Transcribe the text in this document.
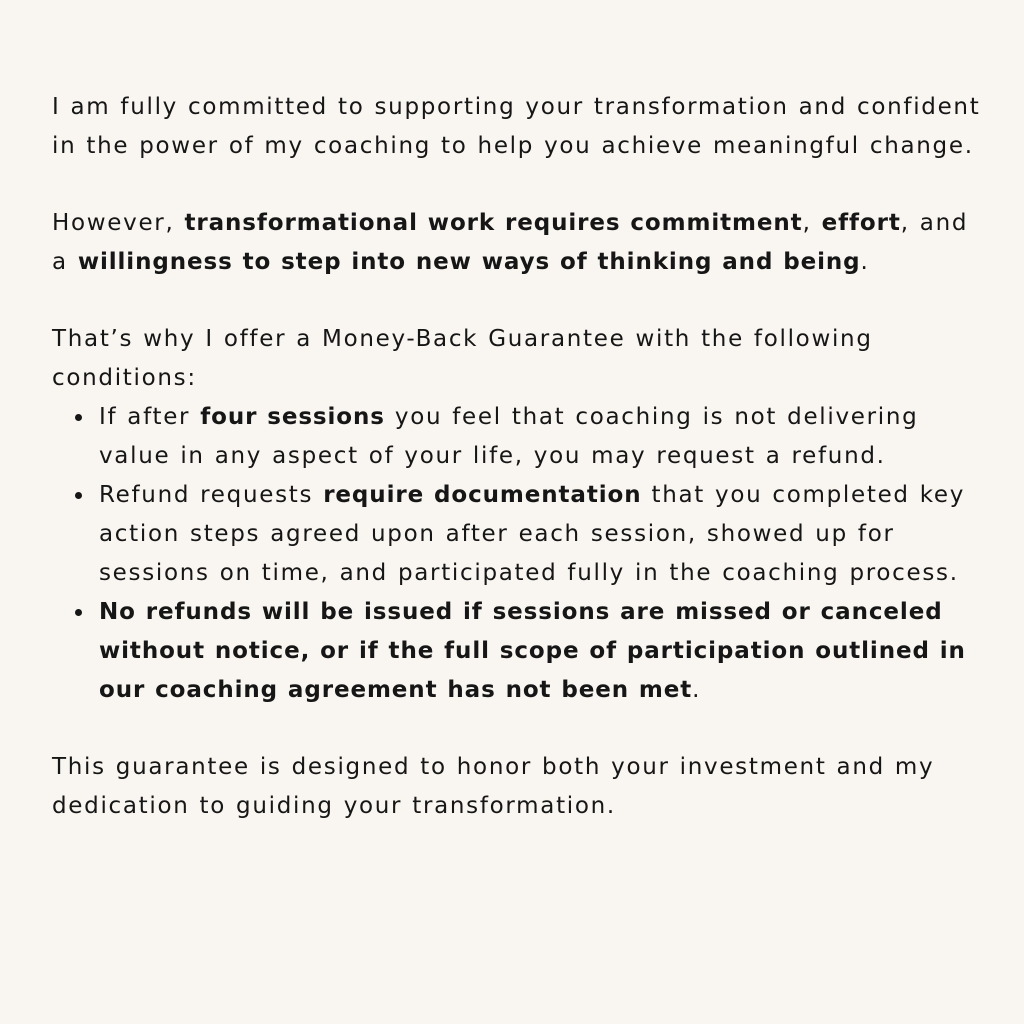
I am fully committed to supporting your transformation and confident in the power of my coaching to help you achieve meaningful change.

However, transformational work requires commitment, effort, and a willingness to step into new ways of thinking and being.

That’s why I offer a Money-Back Guarantee with the following conditions:

If after four sessions you feel that coaching is not delivering value in any aspect of your life, you may request a refund.
Refund requests require documentation that you completed key action steps agreed upon after each session, showed up for sessions on time, and participated fully in the coaching process.
No refunds will be issued if sessions are missed or canceled without notice, or if the full scope of participation outlined in our coaching agreement has not been met.

This guarantee is designed to honor both your investment and my dedication to guiding your transformation.
